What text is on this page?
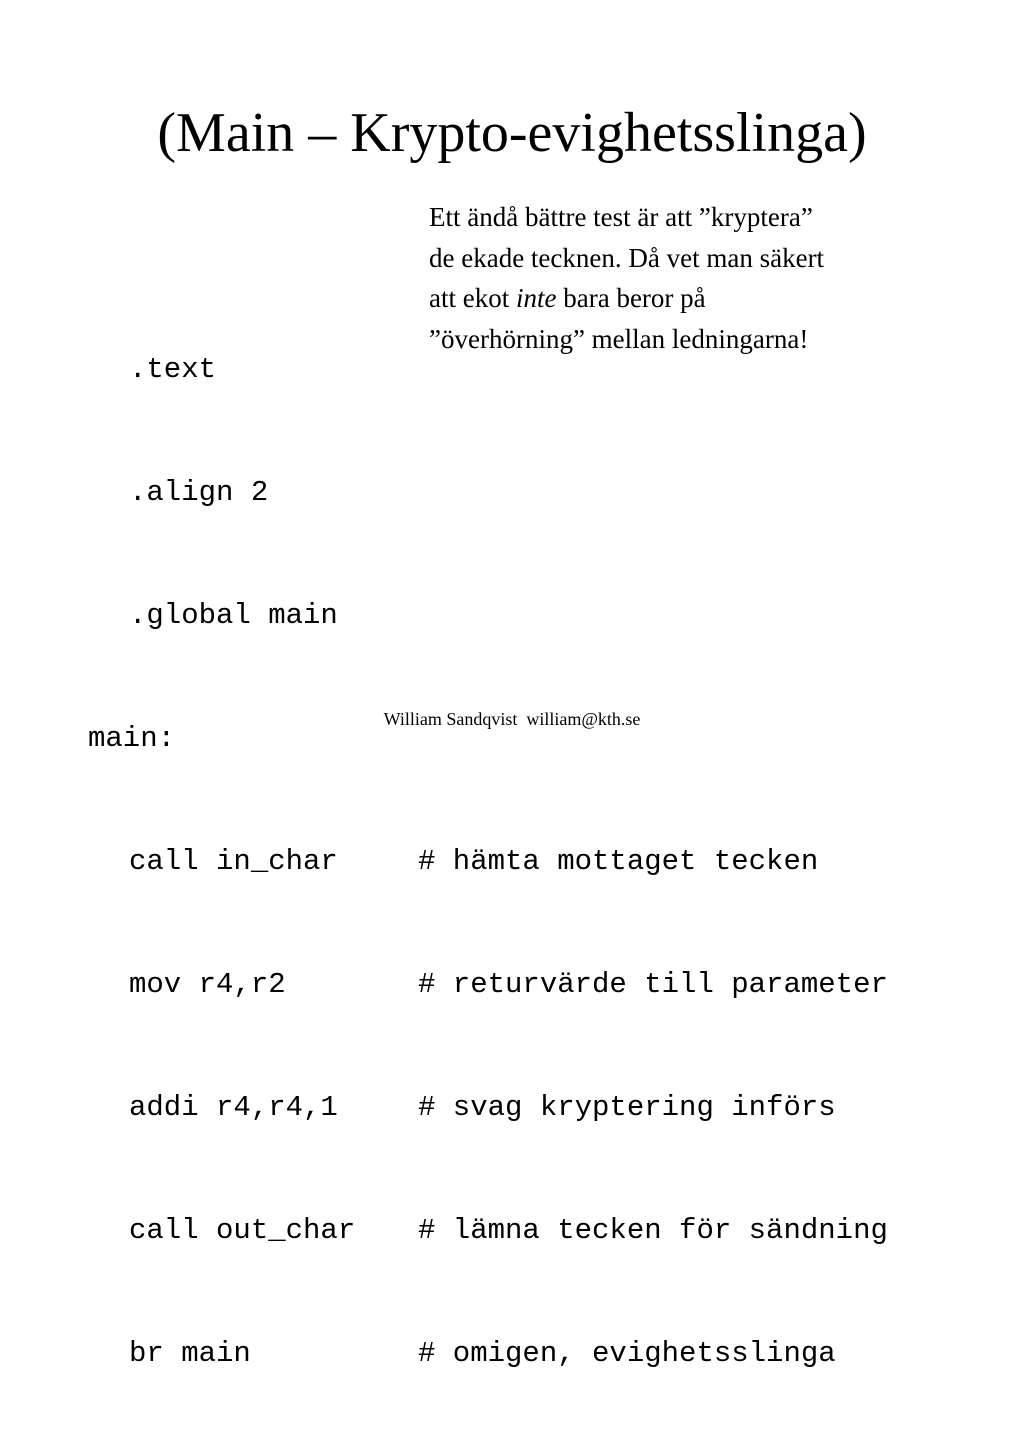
(Main – Krypto-evighetsslinga)
Ett ändå bättre test är att ”kryptera”
de ekade tecknen. Då vet man säkert
att ekot inte bara beror på
”överhörning” mellan ledningarna!

.text

.align 2

.global main

main:

call in_char	# hämta mottaget tecken

mov r4,r2	# returvärde till parameter

addi r4,r4,1	# svag kryptering införs

call out_char # lämna tecken för sändning

br main	# omigen, evighetsslinga

William Sandqvist  william@kth.se
